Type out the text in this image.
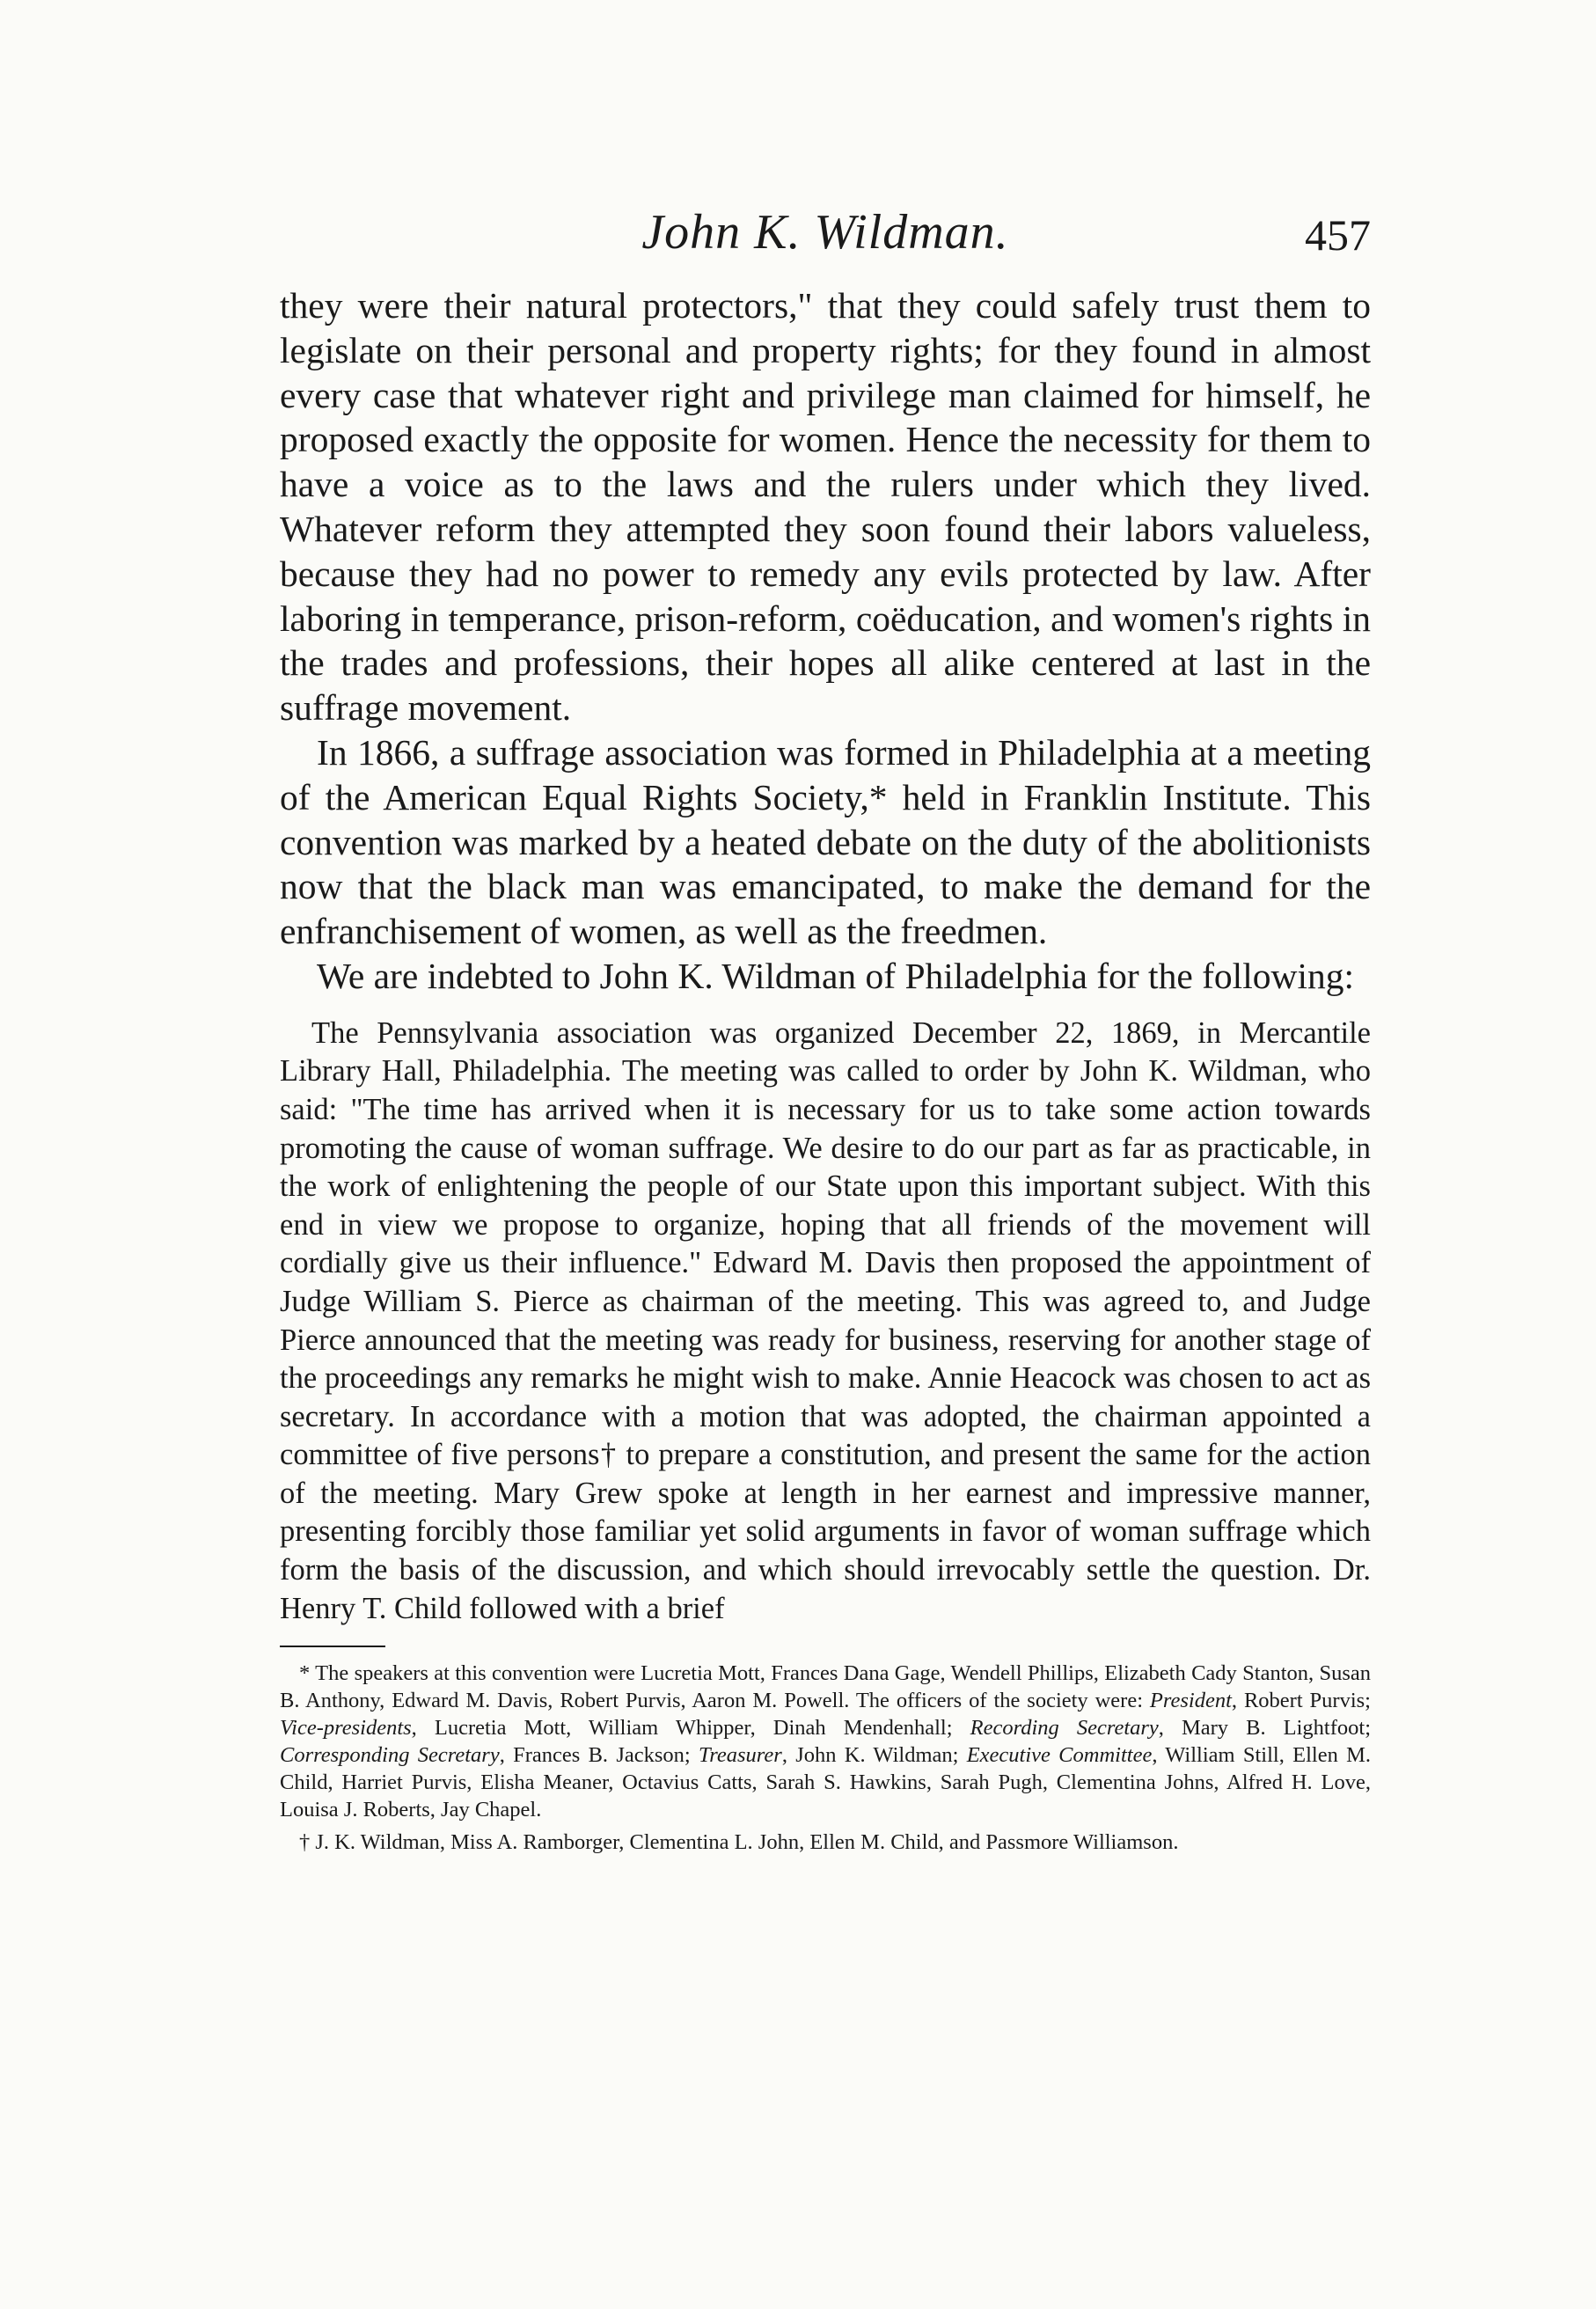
John K. Wildman.	457

they were their natural protectors," that they could safely trust them to legislate on their personal and property rights; for they found in almost every case that whatever right and privilege man claimed for himself, he proposed exactly the opposite for women. Hence the necessity for them to have a voice as to the laws and the rulers under which they lived. Whatever reform they attempted they soon found their labors valueless, because they had no power to remedy any evils protected by law. After laboring in temperance, prison-reform, coëducation, and women's rights in the trades and professions, their hopes all alike centered at last in the suffrage movement.

In 1866, a suffrage association was formed in Philadelphia at a meeting of the American Equal Rights Society,* held in Franklin Institute. This convention was marked by a heated debate on the duty of the abolitionists now that the black man was emancipated, to make the demand for the enfranchisement of women, as well as the freedmen.

We are indebted to John K. Wildman of Philadelphia for the following:

The Pennsylvania association was organized December 22, 1869, in Mercantile Library Hall, Philadelphia. The meeting was called to order by John K. Wildman, who said: "The time has arrived when it is necessary for us to take some action towards promoting the cause of woman suffrage. We desire to do our part as far as practicable, in the work of enlightening the people of our State upon this important subject. With this end in view we propose to organize, hoping that all friends of the movement will cordially give us their influence." Edward M. Davis then proposed the appointment of Judge William S. Pierce as chairman of the meeting. This was agreed to, and Judge Pierce announced that the meeting was ready for business, reserving for another stage of the proceedings any remarks he might wish to make. Annie Heacock was chosen to act as secretary. In accordance with a motion that was adopted, the chairman appointed a committee of five persons† to prepare a constitution, and present the same for the action of the meeting. Mary Grew spoke at length in her earnest and impressive manner, presenting forcibly those familiar yet solid arguments in favor of woman suffrage which form the basis of the discussion, and which should irrevocably settle the question. Dr. Henry T. Child followed with a brief

* The speakers at this convention were Lucretia Mott, Frances Dana Gage, Wendell Phillips, Elizabeth Cady Stanton, Susan B. Anthony, Edward M. Davis, Robert Purvis, Aaron M. Powell. The officers of the society were: President, Robert Purvis; Vice-presidents, Lucretia Mott, William Whipper, Dinah Mendenhall; Recording Secretary, Mary B. Lightfoot; Corresponding Secretary, Frances B. Jackson; Treasurer, John K. Wildman; Executive Committee, William Still, Ellen M. Child, Harriet Purvis, Elisha Meaner, Octavius Catts, Sarah S. Hawkins, Sarah Pugh, Clementina Johns, Alfred H. Love, Louisa J. Roberts, Jay Chapel.

† J. K. Wildman, Miss A. Ramborger, Clementina L. John, Ellen M. Child, and Passmore Williamson.
